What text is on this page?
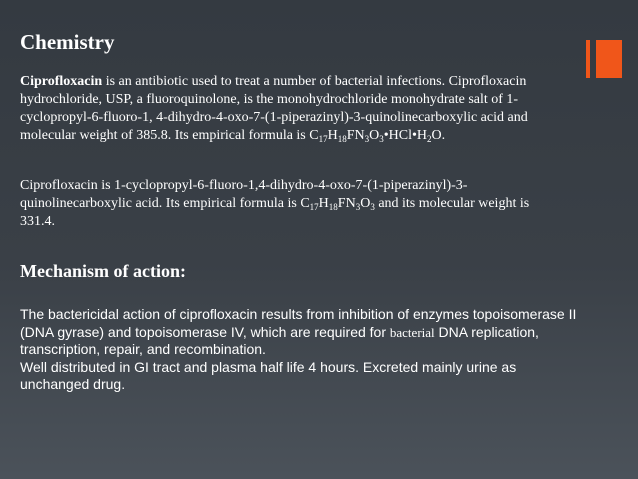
Chemistry

Ciprofloxacin is an antibiotic used to treat a number of bacterial infections. Ciprofloxacin hydrochloride, USP, a fluoroquinolone, is the monohydrochloride monohydrate salt of 1-cyclopropyl-6-fluoro-1, 4-dihydro-4-oxo-7-(1-piperazinyl)-3-quinolinecarboxylic acid and molecular weight of 385.8. Its empirical formula is $C_{17}H_{18}FN_3O_3•HCl•H_2O$.

Ciprofloxacin is 1-cyclopropyl-6-fluoro-1,4-dihydro-4-oxo-7-(1-piperazinyl)-3-quinolinecarboxylic acid. Its empirical formula is $C_{17}H_{18}FN_3O_3$ and its molecular weight is 331.4.

Mechanism of action:
The bactericidal action of ciprofloxacin results from inhibition of enzymes topoisomerase II (DNA gyrase) and topoisomerase IV, which are required for bacterial DNA replication, transcription, repair, and recombination.
Well distributed in GI tract and plasma half life 4 hours. Excreted mainly urine as unchanged drug.
